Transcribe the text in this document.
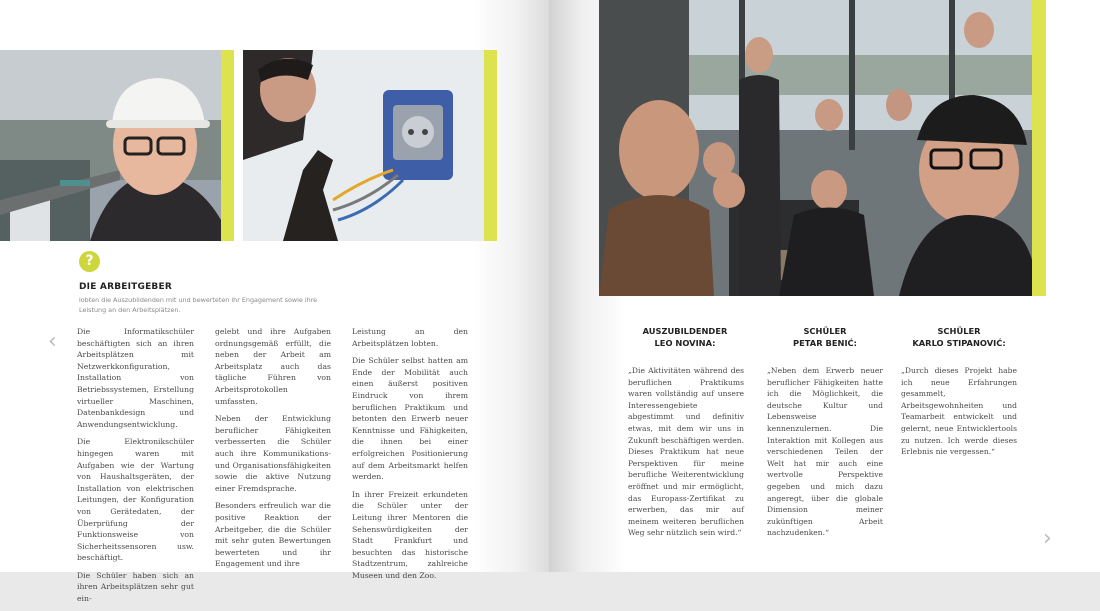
?
DIE ARBEITGEBER
lobten die Auszubildenden mit und bewerteten ihr Engagement sowie ihre Leistung an den Arbeitsplätzen.
‹	Die Informatikschüler beschäftigten sich an ihren Arbeitsplätzen mit Netzwerkkonfiguration, Installation von Betriebssystemen, Erstellung virtueller Maschinen, Datenbankdesign und Anwendungsentwicklung.

Die Elektronikschüler hingegen waren mit Aufgaben wie der Wartung von Haushaltsgeräten, der Installation von elektrischen Leitungen, der Konfiguration von Gerätedaten, der Überprüfung der Funktionsweise von Sicherheitssensoren usw. beschäftigt.

Die Schüler haben sich an ihren Arbeitsplätzen sehr gut ein-

gelebt und ihre Aufgaben ordnungsgemäß erfüllt, die neben der Arbeit am Arbeitsplatz auch das tägliche Führen von Arbeitsprotokollen umfassten.

Neben der Entwicklung beruflicher Fähigkeiten verbesserten die Schüler auch ihre Kommunikations- und Organisationsfähigkeiten sowie die aktive Nutzung einer Fremdsprache.

Besonders erfreulich war die positive Reaktion der Arbeitgeber, die die Schüler mit sehr guten Bewertungen bewerteten und ihr Engagement und ihre

Leistung an den Arbeitsplätzen lobten.

Die Schüler selbst hatten am Ende der Mobilität auch einen äußerst positiven Eindruck von ihrem beruflichen Praktikum und betonten den Erwerb neuer Kenntnisse und Fähigkeiten, die ihnen bei einer erfolgreichen Positionierung auf dem Arbeitsmarkt helfen werden.

In ihrer Freizeit erkundeten die Schüler unter der Leitung ihrer Mentoren die Sehenswürdigkeiten der Stadt Frankfurt und besuchten das historische Stadtzentrum, zahlreiche Museen und den Zoo.

AUSZUBILDENDER
LEO NOVINA:
SCHÜLER
PETAR BENIĆ:
SCHÜLER
KARLO STIPANOVIĆ:
„Die Aktivitäten während des beruflichen Praktikums waren vollständig auf unsere Interessengebiete abgestimmt und definitiv etwas, mit dem wir uns in Zukunft beschäftigen werden. Dieses Praktikum hat neue Perspektiven für meine berufliche Weiterentwicklung eröffnet und mir ermöglicht, das Europass-Zertifikat zu erwerben, das mir auf meinem weiteren beruflichen Weg sehr nützlich sein wird.“
„Neben dem Erwerb neuer beruflicher Fähigkeiten hatte ich die Möglichkeit, die deutsche Kultur und Lebensweise kennenzulernen. Die Interaktion mit Kollegen aus verschiedenen Teilen der Welt hat mir auch eine wertvolle Perspektive gegeben und mich dazu angeregt, über die globale Dimension meiner zukünftigen Arbeit nachzudenken.“
„Durch dieses Projekt habe ich neue Erfahrungen gesammelt, Arbeitsgewohnheiten und Teamarbeit entwickelt und gelernt, neue Entwicklertools zu nutzen. Ich werde dieses Erlebnis nie vergessen.“
›
